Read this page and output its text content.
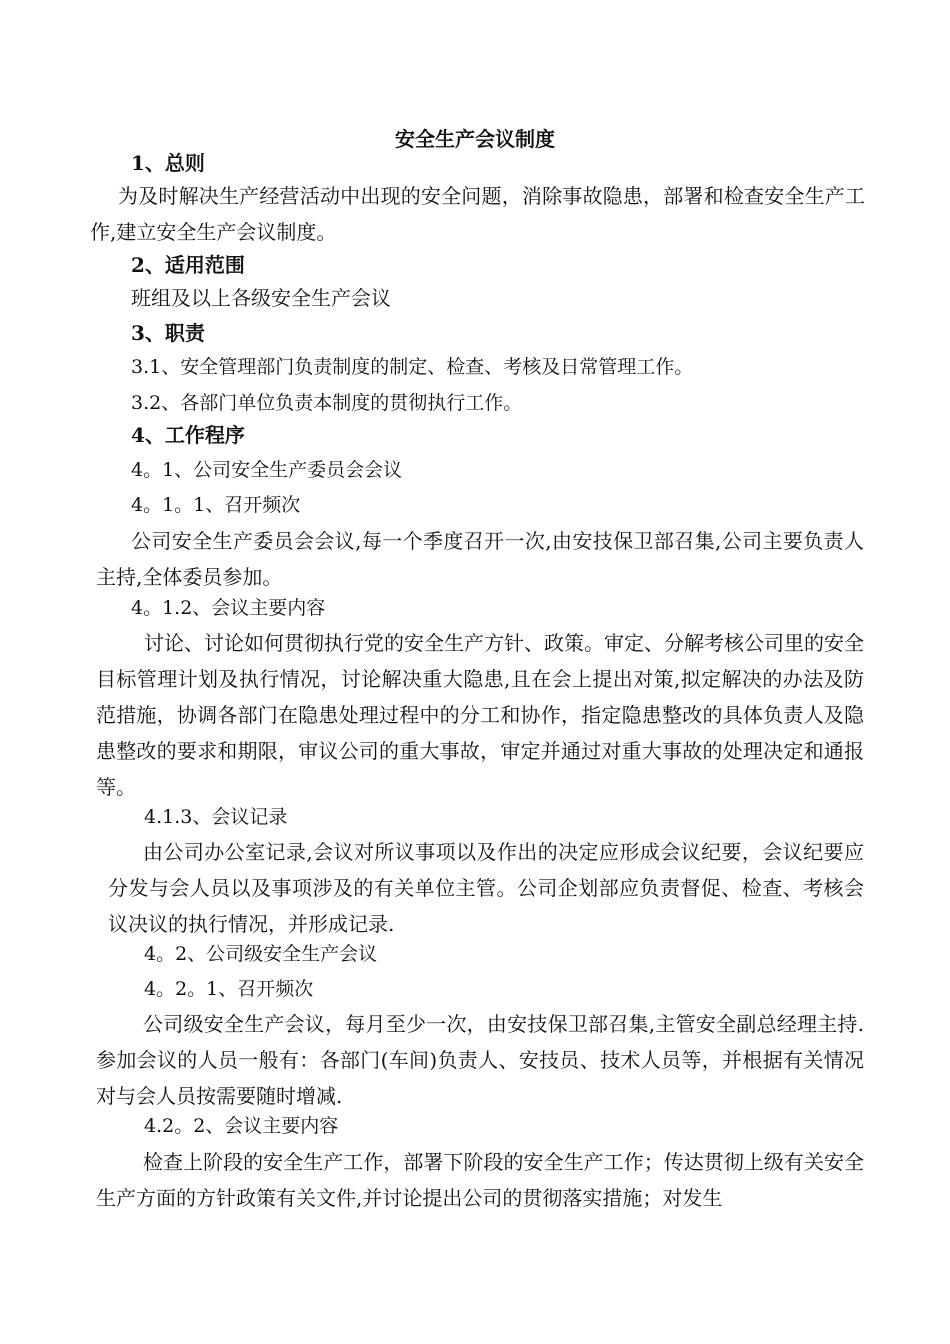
安全生产会议制度
1、总则
为及时解决生产经营活动中出现的安全问题，消除事故隐患，部署和检查安全生产工作,建立安全生产会议制度。
2、适用范围
班组及以上各级安全生产会议
3、职责
3.1、安全管理部门负责制度的制定、检查、考核及日常管理工作。
3.2、各部门单位负责本制度的贯彻执行工作。
4、工作程序
4。1、公司安全生产委员会会议
4。1。1、召开频次
公司安全生产委员会会议,每一个季度召开一次,由安技保卫部召集,公司主要负责人主持,全体委员参加。
4。1.2、会议主要内容
讨论、讨论如何贯彻执行党的安全生产方针、政策。审定、分解考核公司里的安全目标管理计划及执行情况，讨论解决重大隐患,且在会上提出对策,拟定解决的办法及防范措施，协调各部门在隐患处理过程中的分工和协作，指定隐患整改的具体负责人及隐患整改的要求和期限，审议公司的重大事故，审定并通过对重大事故的处理决定和通报等。
4.1.3、会议记录
由公司办公室记录,会议对所议事项以及作出的决定应形成会议纪要，会议纪要应分发与会人员以及事项涉及的有关单位主管。公司企划部应负责督促、检查、考核会议决议的执行情况，并形成记录.
4。2、公司级安全生产会议
4。2。1、召开频次
公司级安全生产会议，每月至少一次，由安技保卫部召集,主管安全副总经理主持.参加会议的人员一般有：各部门(车间)负责人、安技员、技术人员等，并根据有关情况对与会人员按需要随时增减.
4.2。2、会议主要内容
检查上阶段的安全生产工作，部署下阶段的安全生产工作；传达贯彻上级有关安全生产方面的方针政策有关文件,并讨论提出公司的贯彻落实措施；对发生
